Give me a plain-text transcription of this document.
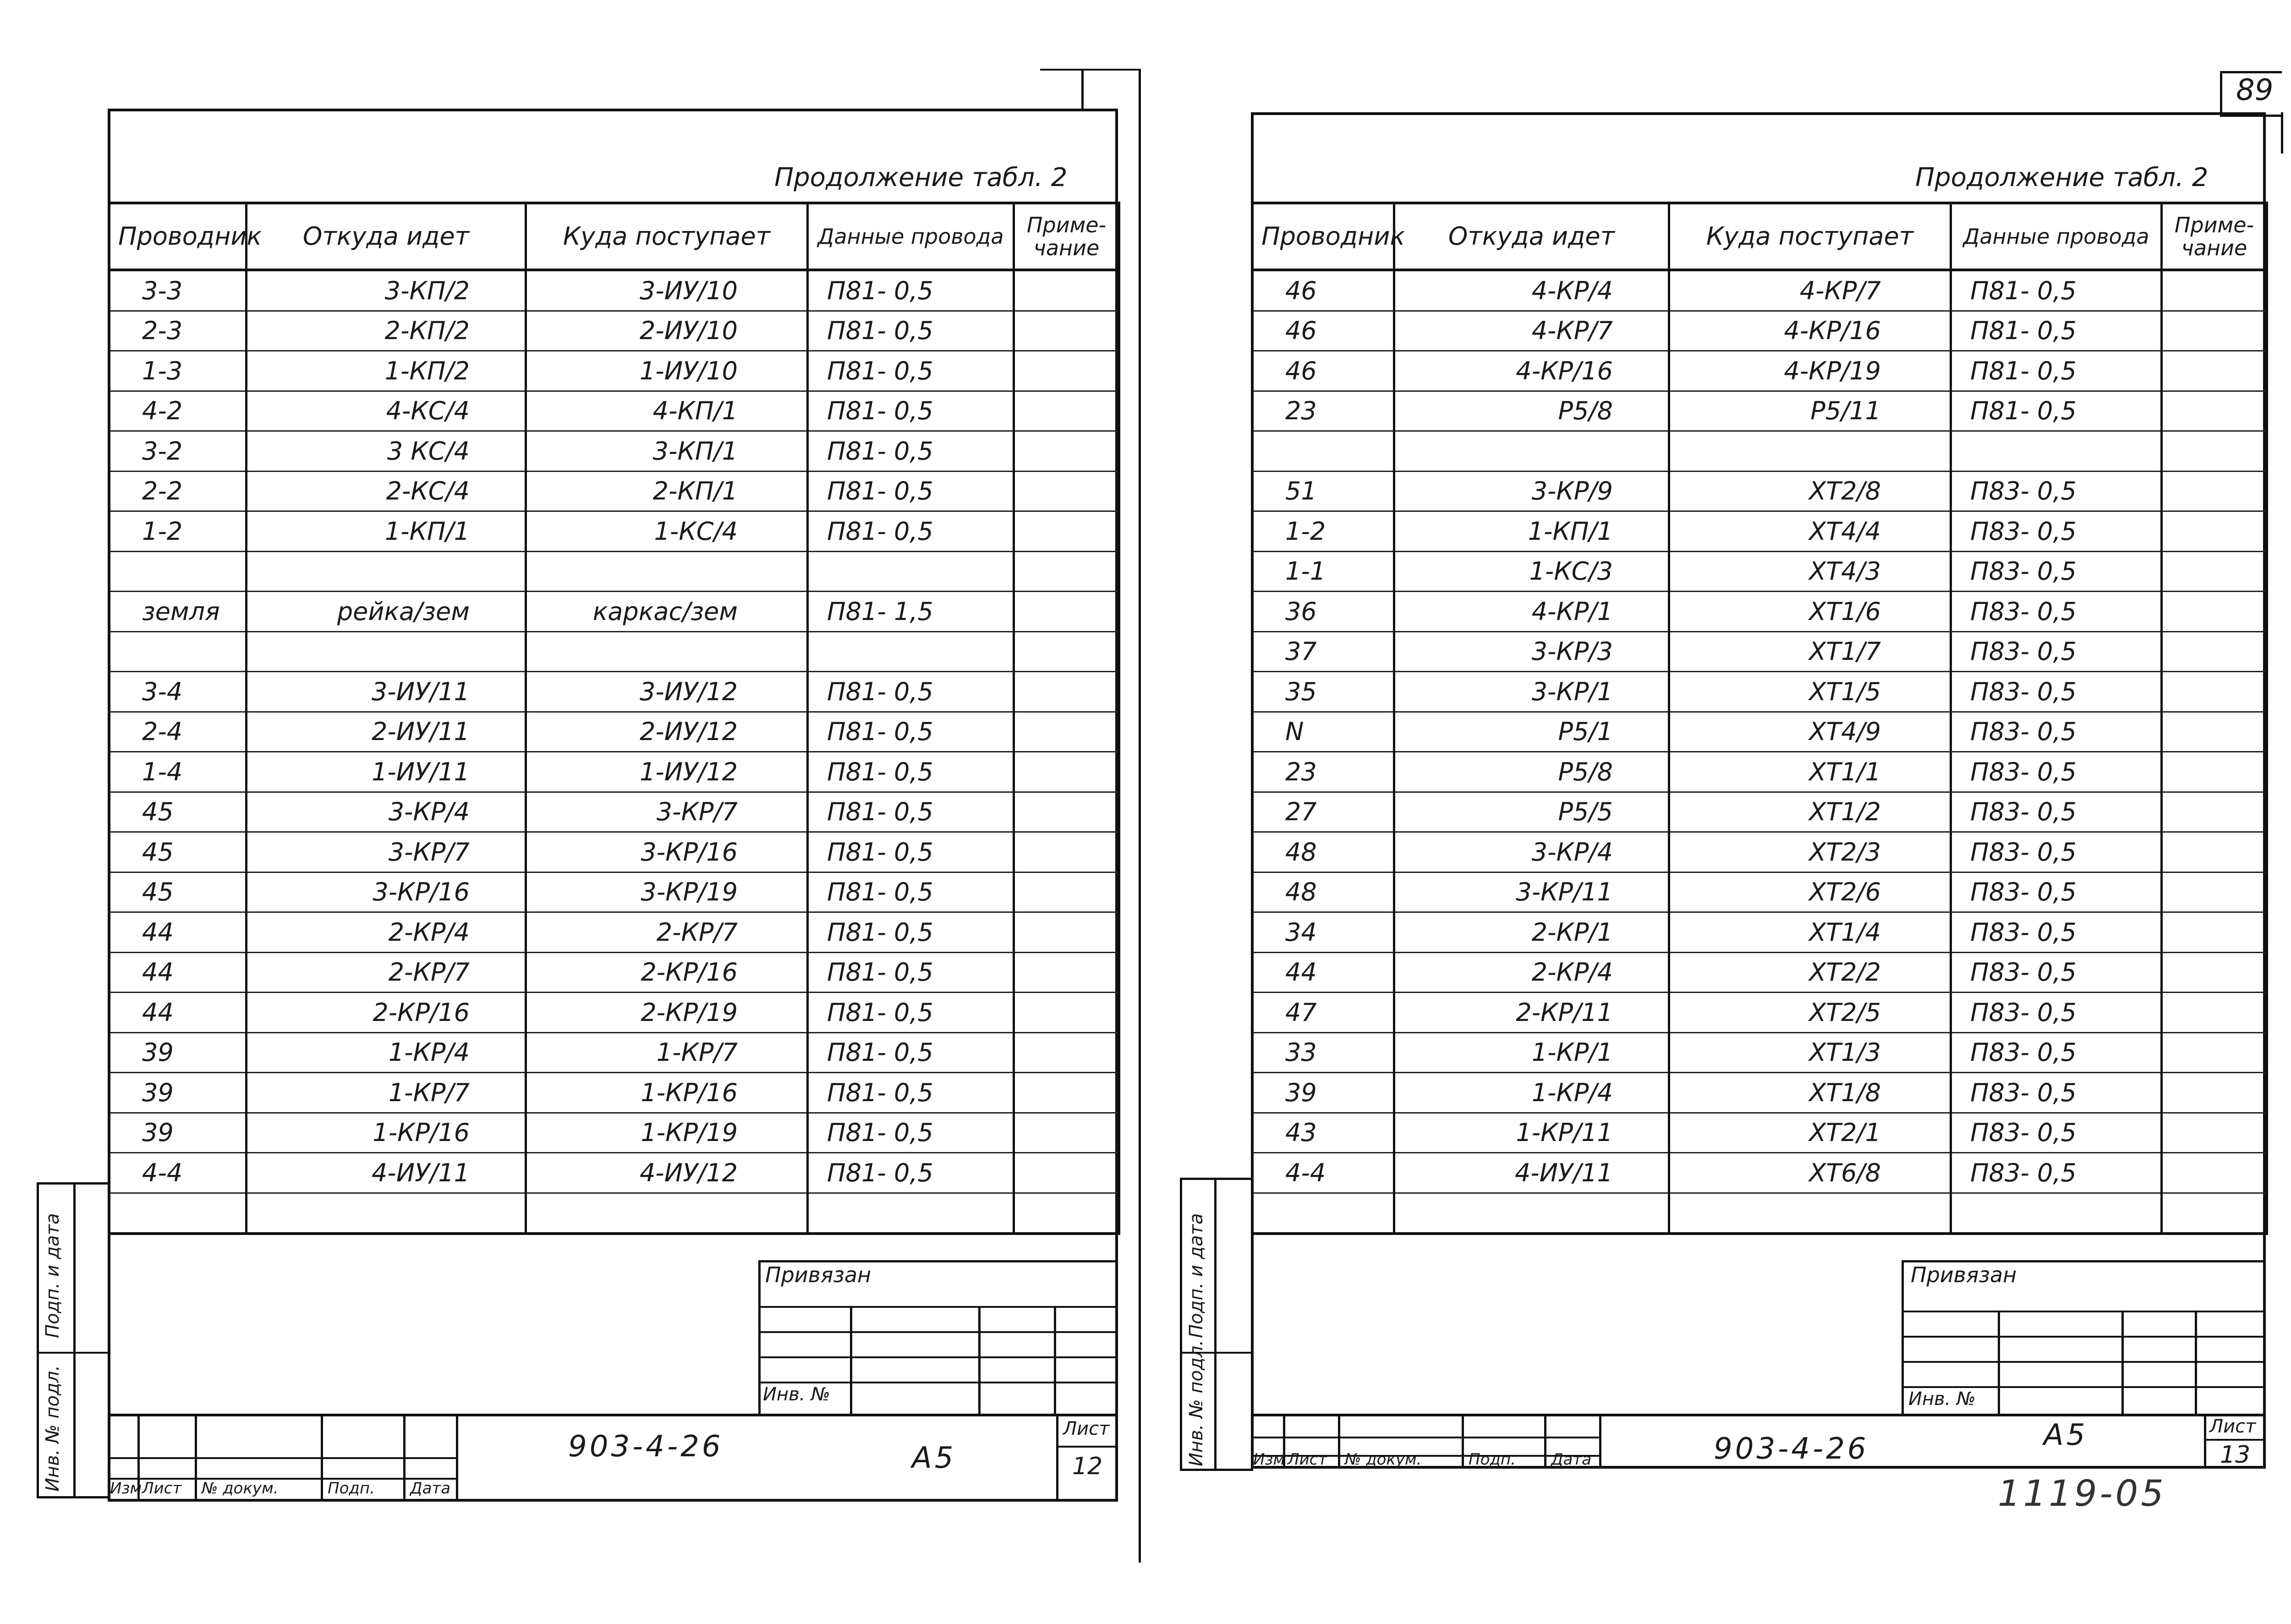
Продолжение табл. 2
Проводник	Откуда идет	Куда поступает	Данные провода	Приме-чание
3-3	3-КП/2	3-ИУ/10	П81- 0,5	
2-3	2-КП/2	2-ИУ/10	П81- 0,5	
1-3	1-КП/2	1-ИУ/10	П81- 0,5	
4-2	4-КС/4	4-КП/1	П81- 0,5	
3-2	3 КС/4	3-КП/1	П81- 0,5	
2-2	2-КС/4	2-КП/1	П81- 0,5	
1-2	1-КП/1	1-КС/4	П81- 0,5	

земля	рейка/зем	каркас/зем	П81- 1,5	

3-4	3-ИУ/11	3-ИУ/12	П81- 0,5	
2-4	2-ИУ/11	2-ИУ/12	П81- 0,5	
1-4	1-ИУ/11	1-ИУ/12	П81- 0,5	
45	3-КР/4	3-КР/7	П81- 0,5	
45	3-КР/7	3-КР/16	П81- 0,5	
45	3-КР/16	3-КР/19	П81- 0,5	
44	2-КР/4	2-КР/7	П81- 0,5	
44	2-КР/7	2-КР/16	П81- 0,5	
44	2-КР/16	2-КР/19	П81- 0,5	
39	1-КР/4	1-КР/7	П81- 0,5	
39	1-КР/7	1-КР/16	П81- 0,5	
39	1-КР/16	1-КР/19	П81- 0,5	
4-4	4-ИУ/11	4-ИУ/12	П81- 0,5	

Привязан
Инв. №
Изм Лист № докум.	Подп. Дата
903-4-26	А5
Лист
12
Инв. № подл.
Подп. и дата
89
Продолжение табл. 2
Проводник	Откуда идет	Куда поступает	Данные провода	Приме-чание
46	4-КР/4	4-КР/7	П81- 0,5	
46	4-КР/7	4-КР/16	П81- 0,5	
46	4-КР/16	4-КР/19	П81- 0,5	
23	Р5/8	Р5/11	П81- 0,5	

51	3-КР/9	ХТ2/8	П83- 0,5	
1-2	1-КП/1	ХТ4/4	П83- 0,5	
1-1	1-КС/3	ХТ4/3	П83- 0,5	
36	4-КР/1	ХТ1/6	П83- 0,5	
37	3-КР/3	ХТ1/7	П83- 0,5	
35	3-КР/1	ХТ1/5	П83- 0,5	
N	Р5/1	ХТ4/9	П83- 0,5	
23	Р5/8	ХТ1/1	П83- 0,5	
27	Р5/5	ХТ1/2	П83- 0,5	
48	3-КР/4	ХТ2/3	П83- 0,5	
48	3-КР/11	ХТ2/6	П83- 0,5	
34	2-КР/1	ХТ1/4	П83- 0,5	
44	2-КР/4	ХТ2/2	П83- 0,5	
47	2-КР/11	ХТ2/5	П83- 0,5	
33	1-КР/1	ХТ1/3	П83- 0,5	
39	1-КР/4	ХТ1/8	П83- 0,5	
43	1-КР/11	ХТ2/1	П83- 0,5	
4-4	4-ИУ/11	ХТ6/8	П83- 0,5	

Привязан
Инв. №
Изм Лист № докум.	Подп. Дата	903-4-26	А5	Лист
13
1119-05
Инв. № подл.
Подп. и дата
